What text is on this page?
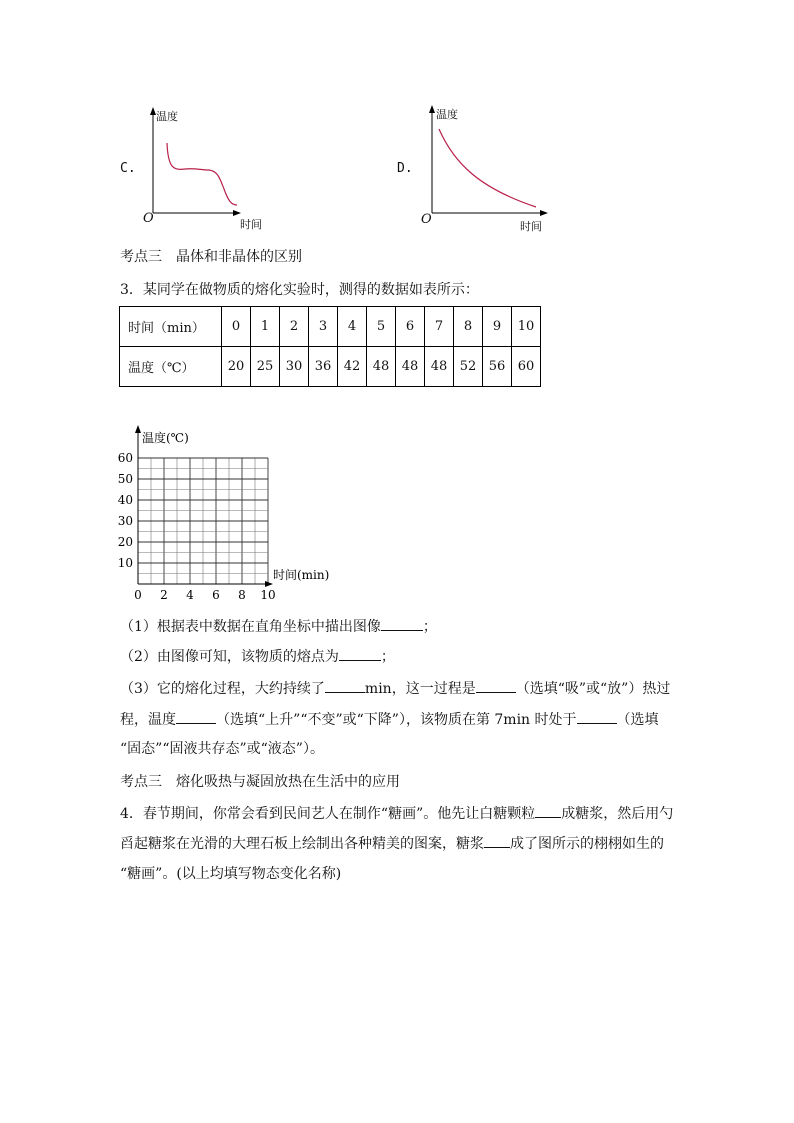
C.
温度
时间
O
D.
温度
时间
O
考点三　晶体和非晶体的区别
3．某同学在做物质的熔化实验时，测得的数据如表所示：
时间（min）	0	1	2	3	4	5	6	7	8	9	10
温度（℃）	20	25	30	36	42	48	48	48	52	56	60
温度(℃)
时间(min)
60
50
40
30
20
10
0 2 4 6 8 10
（1）根据表中数据在直角坐标中描出图像	；
（2）由图像可知，该物质的熔点为	；
（3）它的熔化过程，大约持续了	min，这一过程是	（选填“吸”或“放”）热过
程，温度	（选填“上升”“不变”或“下降”），该物质在第 7min 时处于	（选填
“固态”“固液共存态”或“液态”）。
考点三　熔化吸热与凝固放热在生活中的应用
4．春节期间，你常会看到民间艺人在制作“糖画”。他先让白糖颗粒 成糖浆，然后用勺
舀起糖浆在光滑的大理石板上绘制出各种精美的图案，糖浆 成了图所示的栩栩如生的
“糖画”。(以上均填写物态变化名称)
